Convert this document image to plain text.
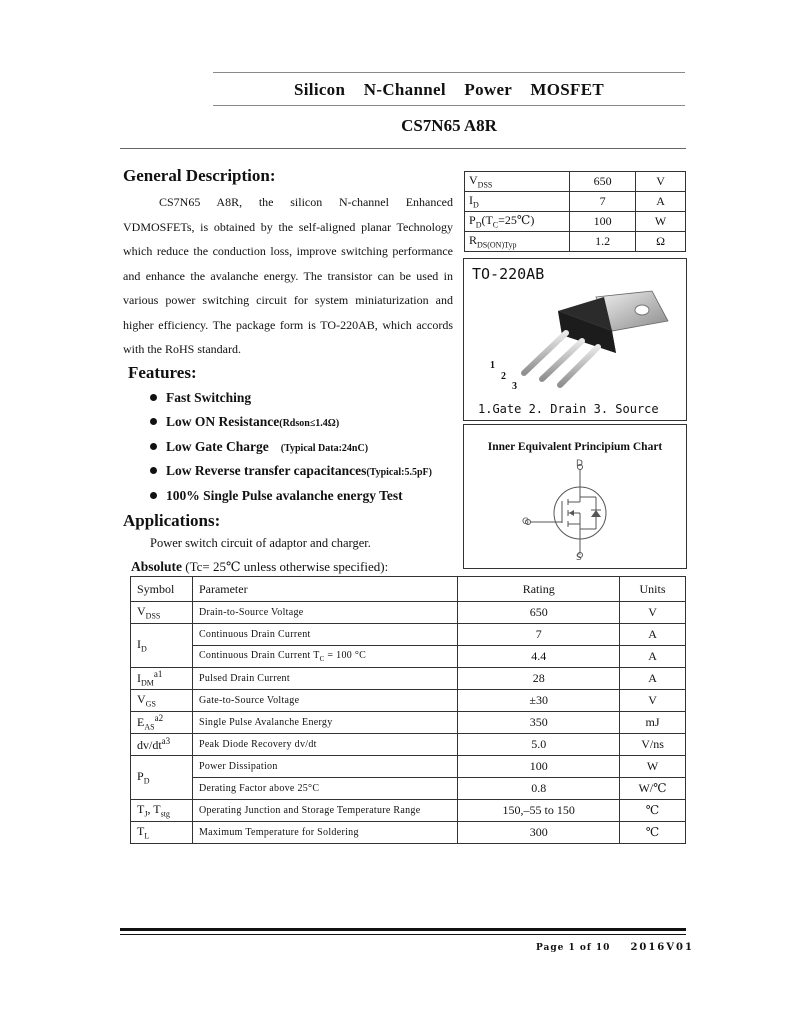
Silicon N-Channel Power MOSFET
CS7N65 A8R
General Description:
CS7N65 A8R, the silicon N-channel Enhanced VDMOSFETs, is obtained by the self-aligned planar Technology which reduce the conduction loss, improve switching performance and enhance the avalanche energy. The transistor can be used in various power switching circuit for system miniaturization and higher efficiency. The package form is TO-220AB, which accords with the RoHS standard.
$V_{DSS}$	650	V
$I_D$	7	A
$P_D(T_C=25℃)$	100	W
$R_{DS(ON)Typ}$	1.2	Ω
TO-220AB
1
2
3
1.Gate 2. Drain 3. Source
Features:
Fast Switching
Low ON Resistance(Rdson≤1.4Ω)
Low Gate Charge (Typical Data:24nC)
Low Reverse transfer capacitances(Typical:5.5pF)
100% Single Pulse avalanche energy Test
Inner Equivalent Principium Chart
D
G
S
Applications:
Power switch circuit of adaptor and charger.
Absolute (Tc= 25℃ unless otherwise specified):
Symbol	Parameter	Rating	Units
$V_{DSS}$	Drain-to-Source Voltage	650	V
$I_D$	Continuous Drain Current	7	A
	Continuous Drain Current $T_C = 100$ °C	4.4	A
$I_{DM}^{a1}$	Pulsed Drain Current	28	A
$V_{GS}$	Gate-to-Source Voltage	±30	V
$E_{AS}^{a2}$	Single Pulse Avalanche Energy	350	mJ
$dv/dt^{a3}$	Peak Diode Recovery dv/dt	5.0	V/ns
$P_D$	Power Dissipation	100	W
	Derating Factor above 25°C	0.8	W/℃
$T_J$, $T_{stg}$	Operating Junction and Storage Temperature Range	150,–55 to 150	℃
$T_L$	Maximum Temperature for Soldering	300	℃
Page 1 of 10 2016V01
